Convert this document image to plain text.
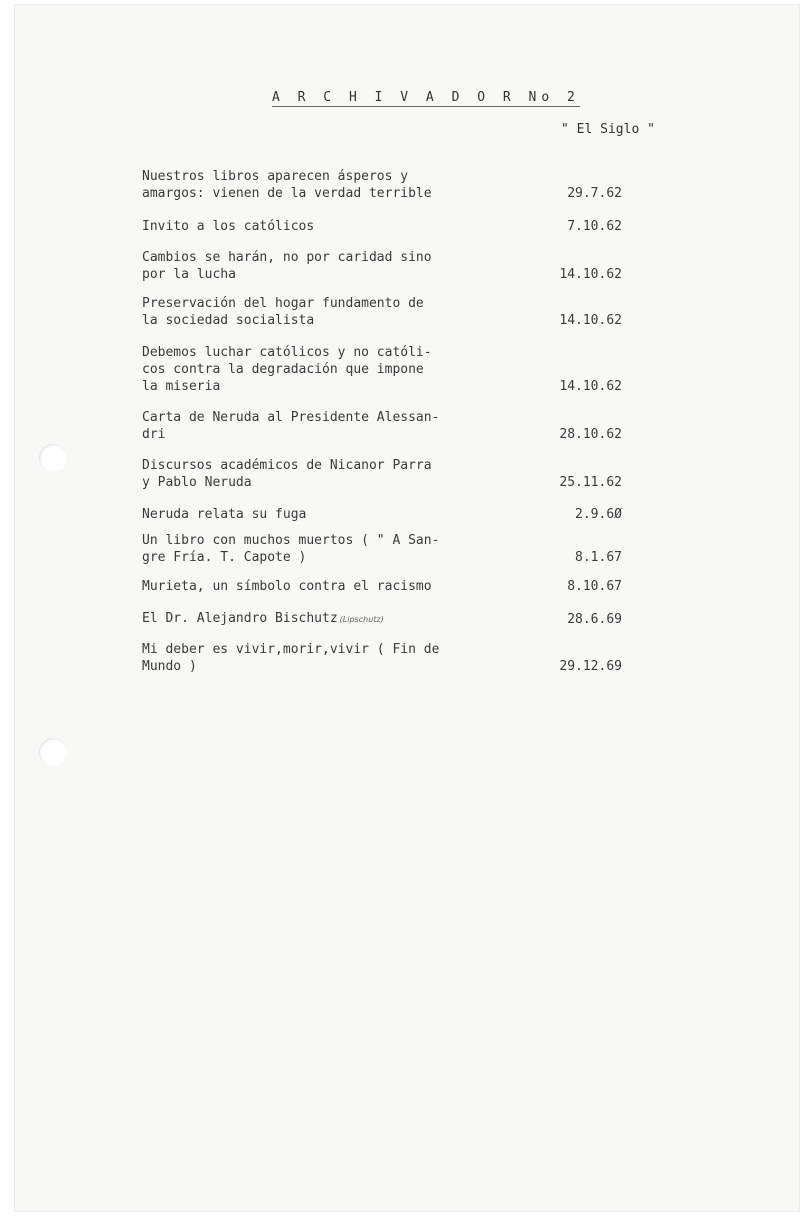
A R C H I V A D O R No 2
" El Siglo "
Nuestros libros aparecen ásperos y
amargos: vienen de la verdad terrible	29.7.62
Invito a los católicos	7.10.62
Cambios se harán, no por caridad sino
por la lucha	14.10.62
Preservación del hogar fundamento de
la sociedad socialista	14.10.62
Debemos luchar católicos y no católi-
cos contra la degradación que impone
la miseria	14.10.62
Carta de Neruda al Presidente Alessan-
dri	28.10.62
Discursos académicos de Nicanor Parra
y Pablo Neruda	25.11.62
Neruda relata su fuga	2.9.6Ø
Un libro con muchos muertos ( " A San-
gre Fría. T. Capote )	8.1.67
Murieta, un símbolo contra el racismo	8.10.67
El Dr. Alejandro Bischutz (Lipschutz)	28.6.69
Mi deber es vivir,morir,vivir ( Fin de
Mundo )	29.12.69
